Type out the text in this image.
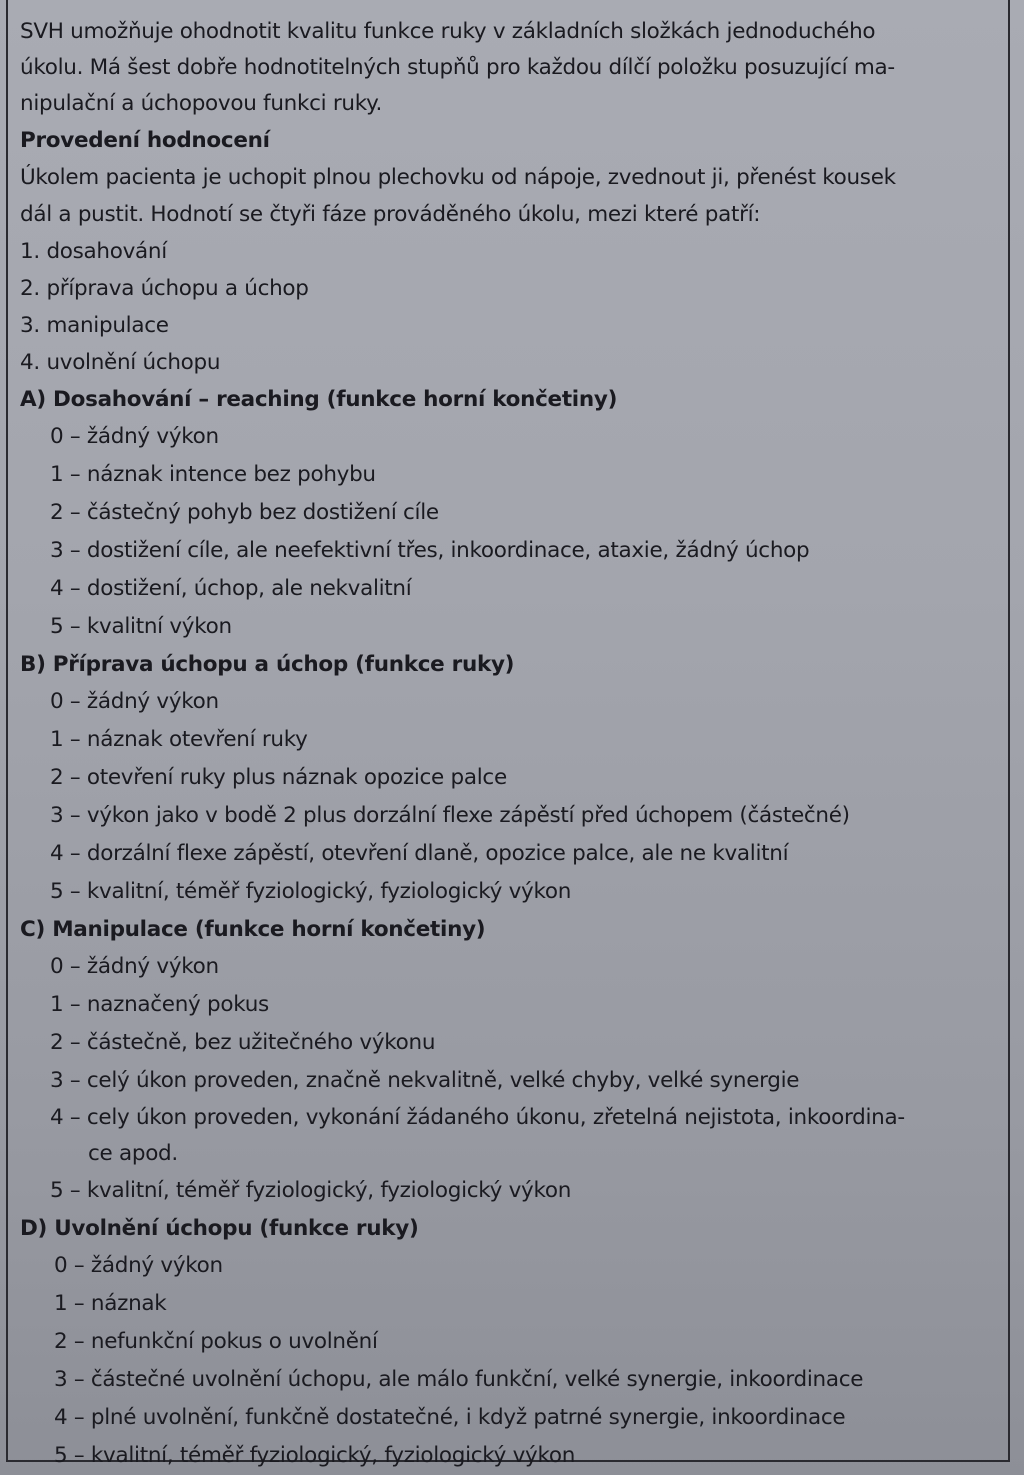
SVH umožňuje ohodnotit kvalitu funkce ruky v základních složkách jednoduchého
úkolu. Má šest dobře hodnotitelných stupňů pro každou dílčí položku posuzující ma-
nipulační a úchopovou funkci ruky.
Provedení hodnocení
Úkolem pacienta je uchopit plnou plechovku od nápoje, zvednout ji, přenést kousek
dál a pustit. Hodnotí se čtyři fáze prováděného úkolu, mezi které patří:
1. dosahování
2. příprava úchopu a úchop
3. manipulace
4. uvolnění úchopu
A) Dosahování – reaching (funkce horní končetiny)
0 – žádný výkon
1 – náznak intence bez pohybu
2 – částečný pohyb bez dostižení cíle
3 – dostižení cíle, ale neefektivní třes, inkoordinace, ataxie, žádný úchop
4 – dostižení, úchop, ale nekvalitní
5 – kvalitní výkon
B) Příprava úchopu a úchop (funkce ruky)
0 – žádný výkon
1 – náznak otevření ruky
2 – otevření ruky plus náznak opozice palce
3 – výkon jako v bodě 2 plus dorzální flexe zápěstí před úchopem (částečné)
4 – dorzální flexe zápěstí, otevření dlaně, opozice palce, ale ne kvalitní
5 – kvalitní, téměř fyziologický, fyziologický výkon
C) Manipulace (funkce horní končetiny)
0 – žádný výkon
1 – naznačený pokus
2 – částečně, bez užitečného výkonu
3 – celý úkon proveden, značně nekvalitně, velké chyby, velké synergie
4 – cely úkon proveden, vykonání žádaného úkonu, zřetelná nejistota, inkoordina-
ce apod.
5 – kvalitní, téměř fyziologický, fyziologický výkon
D) Uvolnění úchopu (funkce ruky)
0 – žádný výkon
1 – náznak
2 – nefunkční pokus o uvolnění
3 – částečné uvolnění úchopu, ale málo funkční, velké synergie, inkoordinace
4 – plné uvolnění, funkčně dostatečné, i když patrné synergie, inkoordinace
5 – kvalitní, téměř fyziologický, fyziologický výkon
